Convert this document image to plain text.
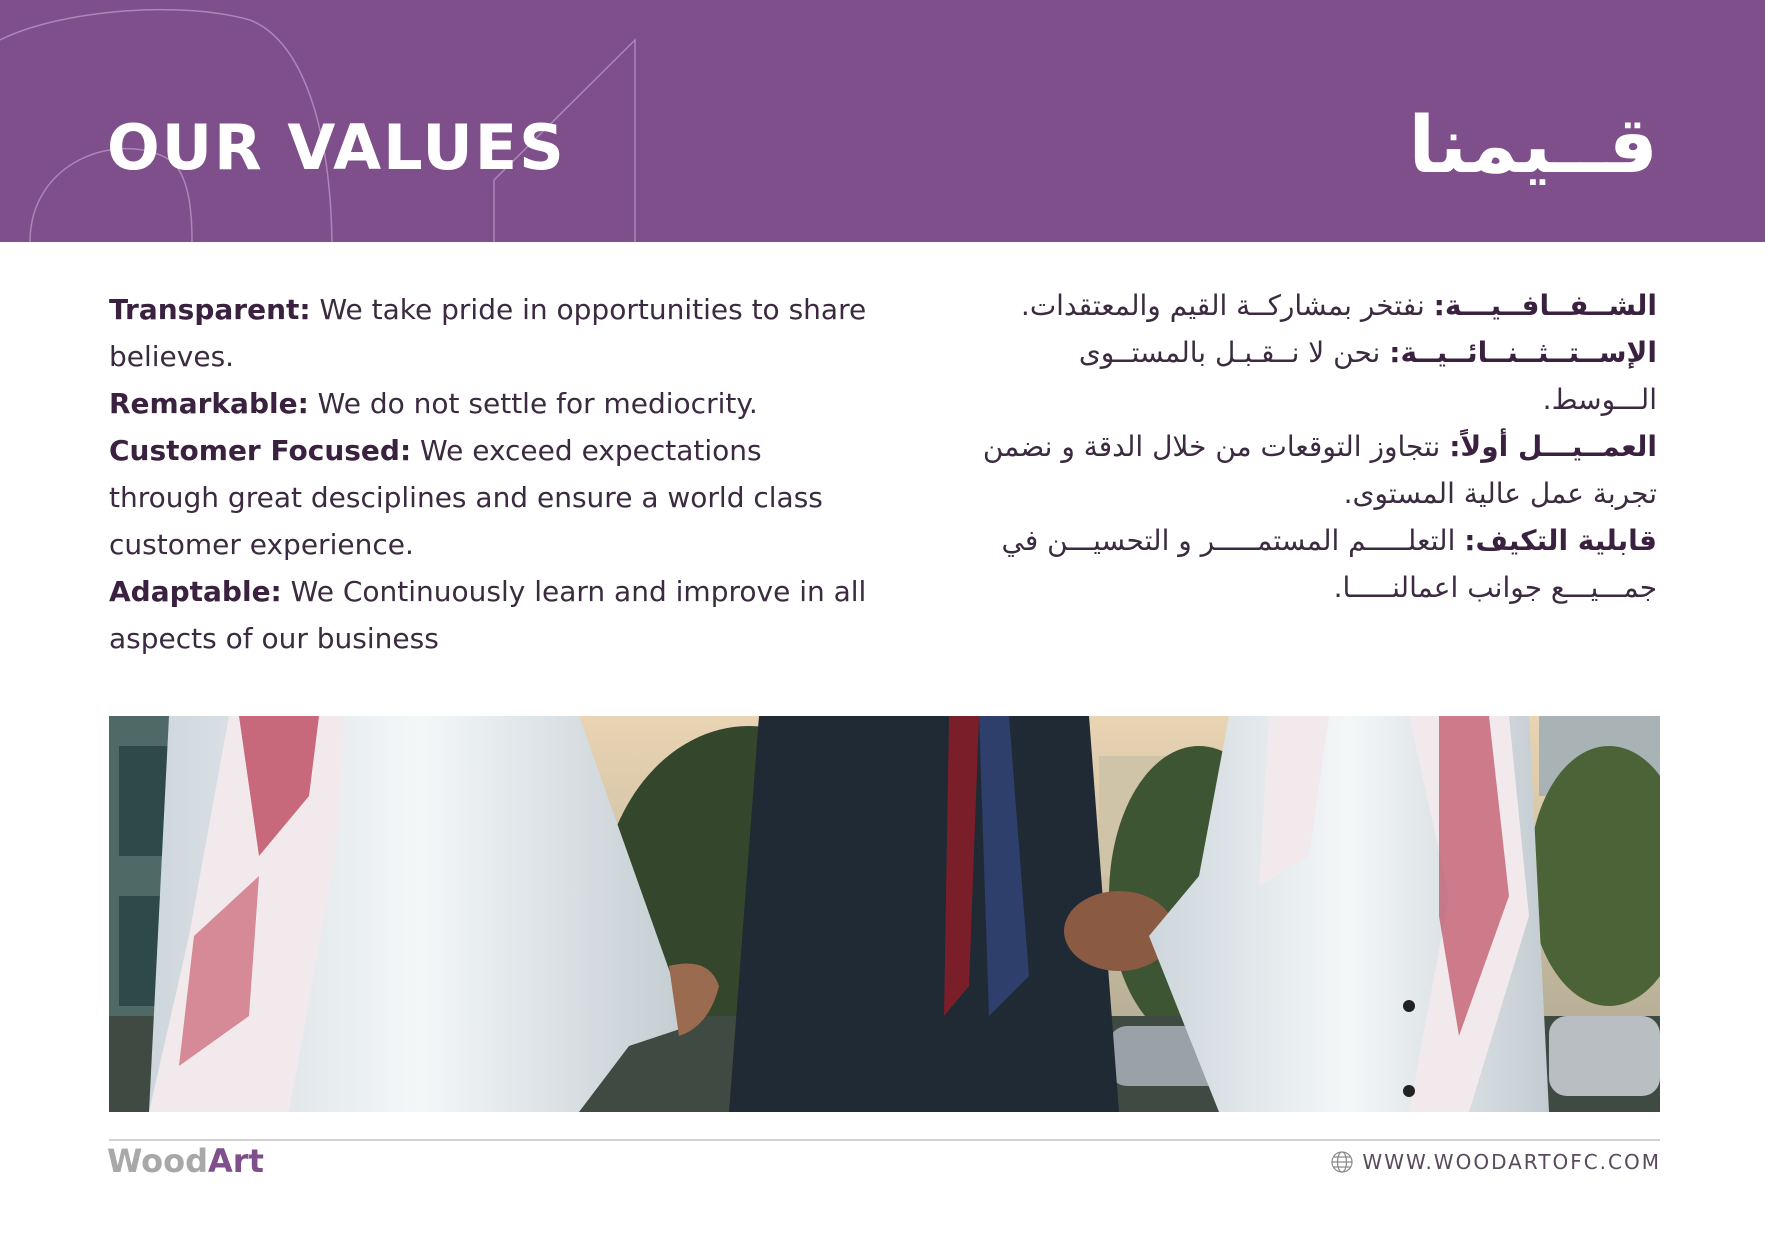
OUR VALUES	قــيمنا

Transparent: We take pride in opportunities to share believes.

Remarkable: We do not settle for mediocrity.

Customer Focused: We exceed expectations through great desciplines and ensure a world class customer experience.

Adaptable: We Continuously learn and improve in all aspects of our business

الشــفــافــيـــة: نفتخر بمشاركــة القيم والمعتقدات.

الإســتــثــنــائــيــة: نحن لا نــقـبـل بالمستــوى الـــوسط.

العمــيـــل أولاً: نتجاوز التوقعات من خلال الدقة و نضمن تجربة عمل عالية المستوى.

قابلية التكيف: التعلـــــم المستمـــــر و التحسيـــن في جمـــيـــع جوانب اعمالنـــــا.

WoodArt	WWW.WOODARTOFC.COM
